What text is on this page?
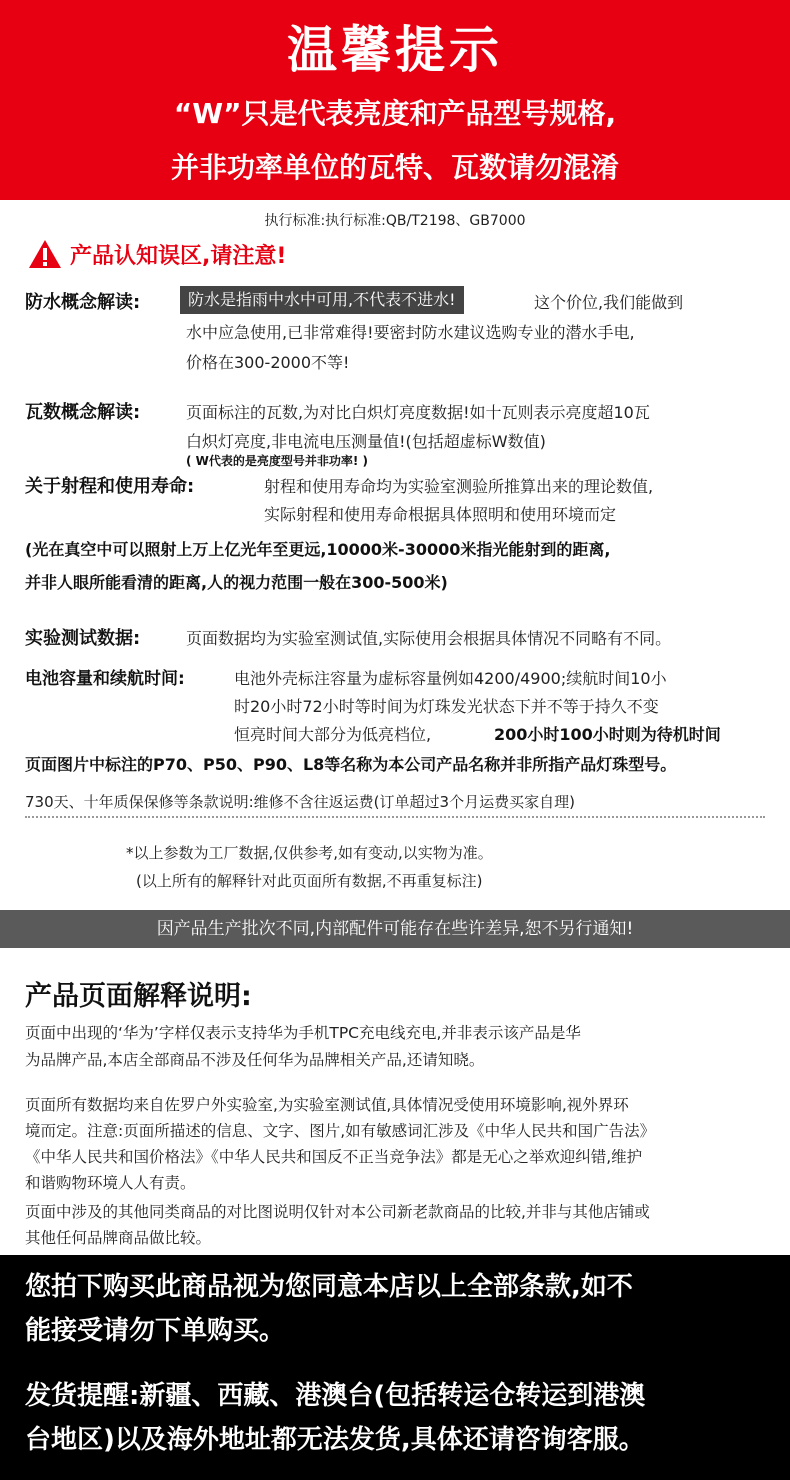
温馨提示
“W”只是代表亮度和产品型号规格,
并非功率单位的瓦特、瓦数请勿混淆
执行标准:执行标准:QB/T2198、GB7000
产品认知误区,请注意!
防水概念解读:	防水是指雨中水中可用,不代表不进水!	这个价位,我们能做到
水中应急使用,已非常难得!要密封防水建议选购专业的潜水手电,
价格在300-2000不等!
瓦数概念解读:	页面标注的瓦数,为对比白炽灯亮度数据!如十瓦则表示亮度超10瓦
白炽灯亮度,非电流电压测量值!(包括超虚标W数值)
( W代表的是亮度型号并非功率! )
关于射程和使用寿命:	射程和使用寿命均为实验室测验所推算出来的理论数值,
实际射程和使用寿命根据具体照明和使用环境而定
(光在真空中可以照射上万上亿光年至更远,10000米-30000米指光能射到的距离,
并非人眼所能看清的距离,人的视力范围一般在300-500米)
实验测试数据:	页面数据均为实验室测试值,实际使用会根据具体情况不同略有不同。
电池容量和续航时间:	电池外壳标注容量为虚标容量例如4200/4900;续航时间10小
时20小时72小时等时间为灯珠发光状态下并不等于持久不变
恒亮时间大部分为低亮档位,	200小时100小时则为待机时间
页面图片中标注的P70、P50、P90、L8等名称为本公司产品名称并非所指产品灯珠型号。
730天、十年质保保修等条款说明:维修不含往返运费(订单超过3个月运费买家自理)
*以上参数为工厂数据,仅供参考,如有变动,以实物为准。
(以上所有的解释针对此页面所有数据,不再重复标注)
因产品生产批次不同,内部配件可能存在些许差异,恕不另行通知!
产品页面解释说明:
页面中出现的‘华为’字样仅表示支持华为手机TPC充电线充电,并非表示该产品是华
为品牌产品,本店全部商品不涉及任何华为品牌相关产品,还请知晓。
页面所有数据均来自佐罗户外实验室,为实验室测试值,具体情况受使用环境影响,视外界环
境而定。注意:页面所描述的信息、文字、图片,如有敏感词汇涉及《中华人民共和国广告法》
《中华人民共和国价格法》《中华人民共和国反不正当竞争法》都是无心之举欢迎纠错,维护
和谐购物环境人人有责。
页面中涉及的其他同类商品的对比图说明仅针对本公司新老款商品的比较,并非与其他店铺或
其他任何品牌商品做比较。
您拍下购买此商品视为您同意本店以上全部条款,如不
能接受请勿下单购买。
发货提醒:新疆、西藏、港澳台(包括转运仓转运到港澳
台地区)以及海外地址都无法发货,具体还请咨询客服。
